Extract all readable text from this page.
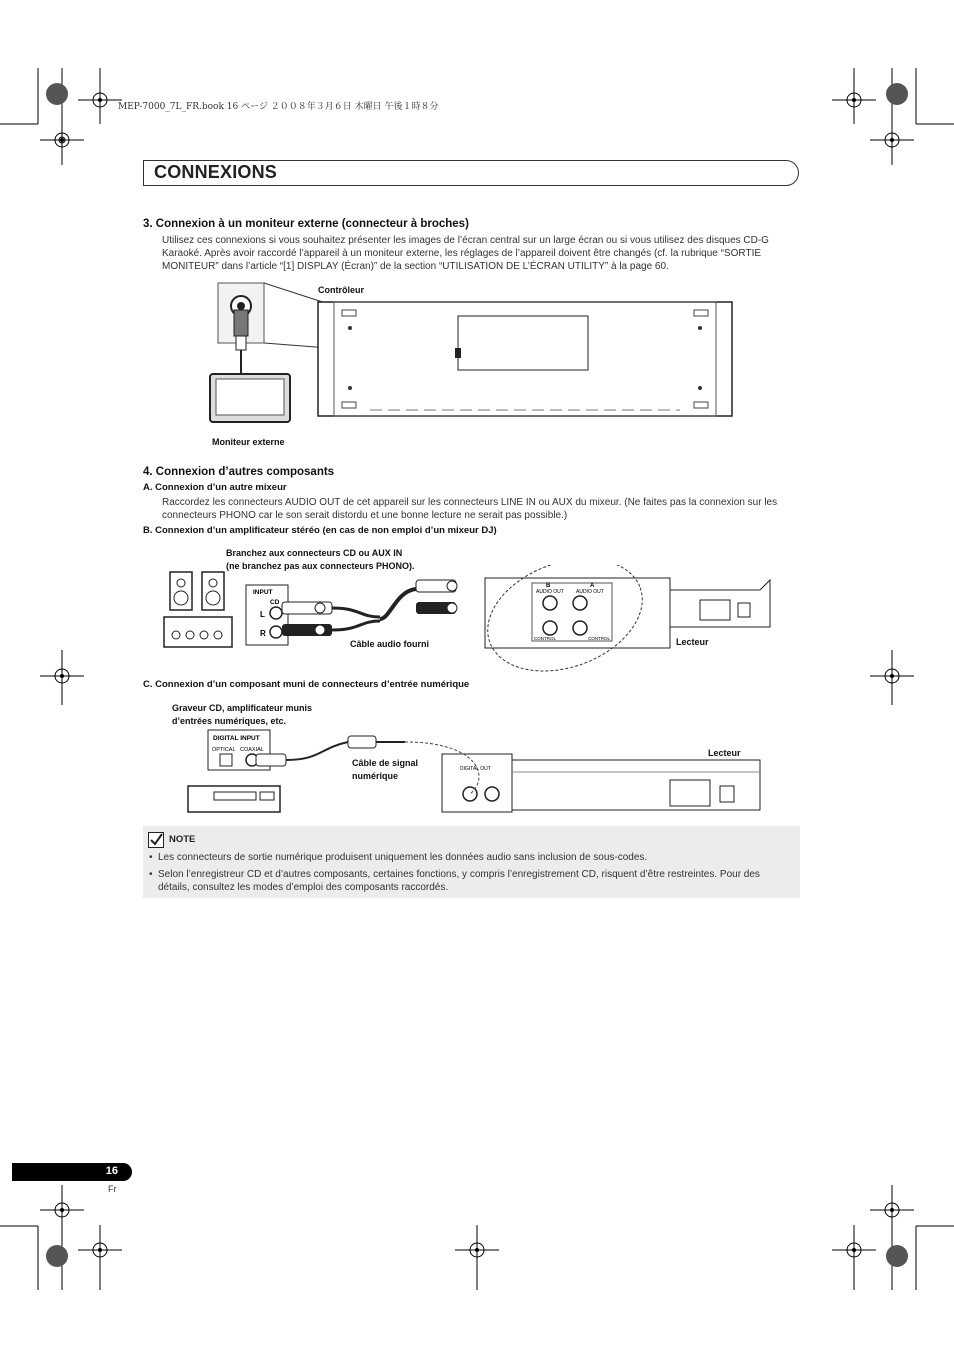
MEP-7000_7L_FR.book 16 ページ ２００８年３月６日 木曜日 午後１時８分
CONNEXIONS
3. Connexion à un moniteur externe (connecteur à broches)
Utilisez ces connexions si vous souhaitez présenter les images de l’écran central sur un large écran ou si vous utilisez des disques CD-G Karaoké. Après avoir raccordé l’appareil à un moniteur externe, les réglages de l’appareil doivent être changés (cf. la rubrique “SORTIE MONITEUR” dans l’article “[1] DISPLAY (Écran)” de la section “UTILISATION DE L’ÉCRAN UTILITY” à la page 60.
Contrôleur
Moniteur externe
4. Connexion d’autres composants
A. Connexion d’un autre mixeur
Raccordez les connecteurs AUDIO OUT de cet appareil sur les connecteurs LINE IN ou AUX du mixeur. (Ne faites pas la connexion sur les connecteurs PHONO car le son serait distordu et une bonne lecture ne serait pas possible.)
B. Connexion d’un amplificateur stéréo (en cas de non emploi d’un mixeur DJ)
Branchez aux connecteurs CD ou AUX IN
(ne branchez pas aux connecteurs PHONO).
Câble audio fourni	Lecteur
INPUT
CD
L
R
B	A
AUDIO OUT AUDIO OUT
CONTROL	CONTROL
C. Connexion d’un composant muni de connecteurs d’entrée numérique
Graveur CD, amplificateur munis
d’entrées numériques, etc.
Câble de signal
numérique
Lecteur
DIGITAL INPUT
OPTICAL COAXIAL
DIGITAL OUT
NOTE
• Les connecteurs de sortie numérique produisent uniquement les données audio sans inclusion de sous-codes.
• Selon l’enregistreur CD et d’autres composants, certaines fonctions, y compris l’enregistrement CD, risquent d’être restreintes. Pour des détails, consultez les modes d’emploi des composants raccordés.
16
Fr
